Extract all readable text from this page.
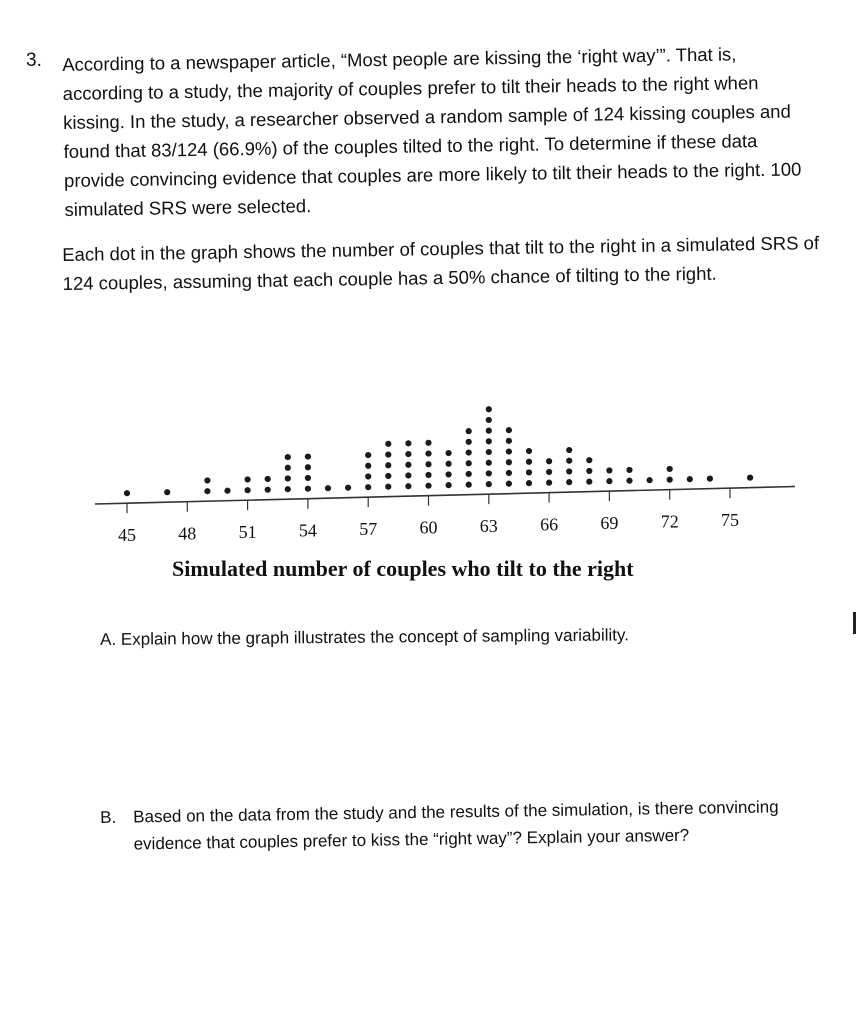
3. According to a newspaper article, “Most people are kissing the ‘right way’”. That is, according to a study, the majority of couples prefer to tilt their heads to the right when kissing. In the study, a researcher observed a random sample of 124 kissing couples and found that 83/124 (66.9%) of the couples tilted to the right. To determine if these data provide convincing evidence that couples are more likely to tilt their heads to the right. 100 simulated SRS were selected.

Each dot in the graph shows the number of couples that tilt to the right in a simulated SRS of 124 couples, assuming that each couple has a 50% chance of tilting to the right.

45 48 51 54 57 60 63 66 69 72 75
Simulated number of couples who tilt to the right

A. Explain how the graph illustrates the concept of sampling variability.

B. Based on the data from the study and the results of the simulation, is there convincing evidence that couples prefer to kiss the “right way”? Explain your answer?
